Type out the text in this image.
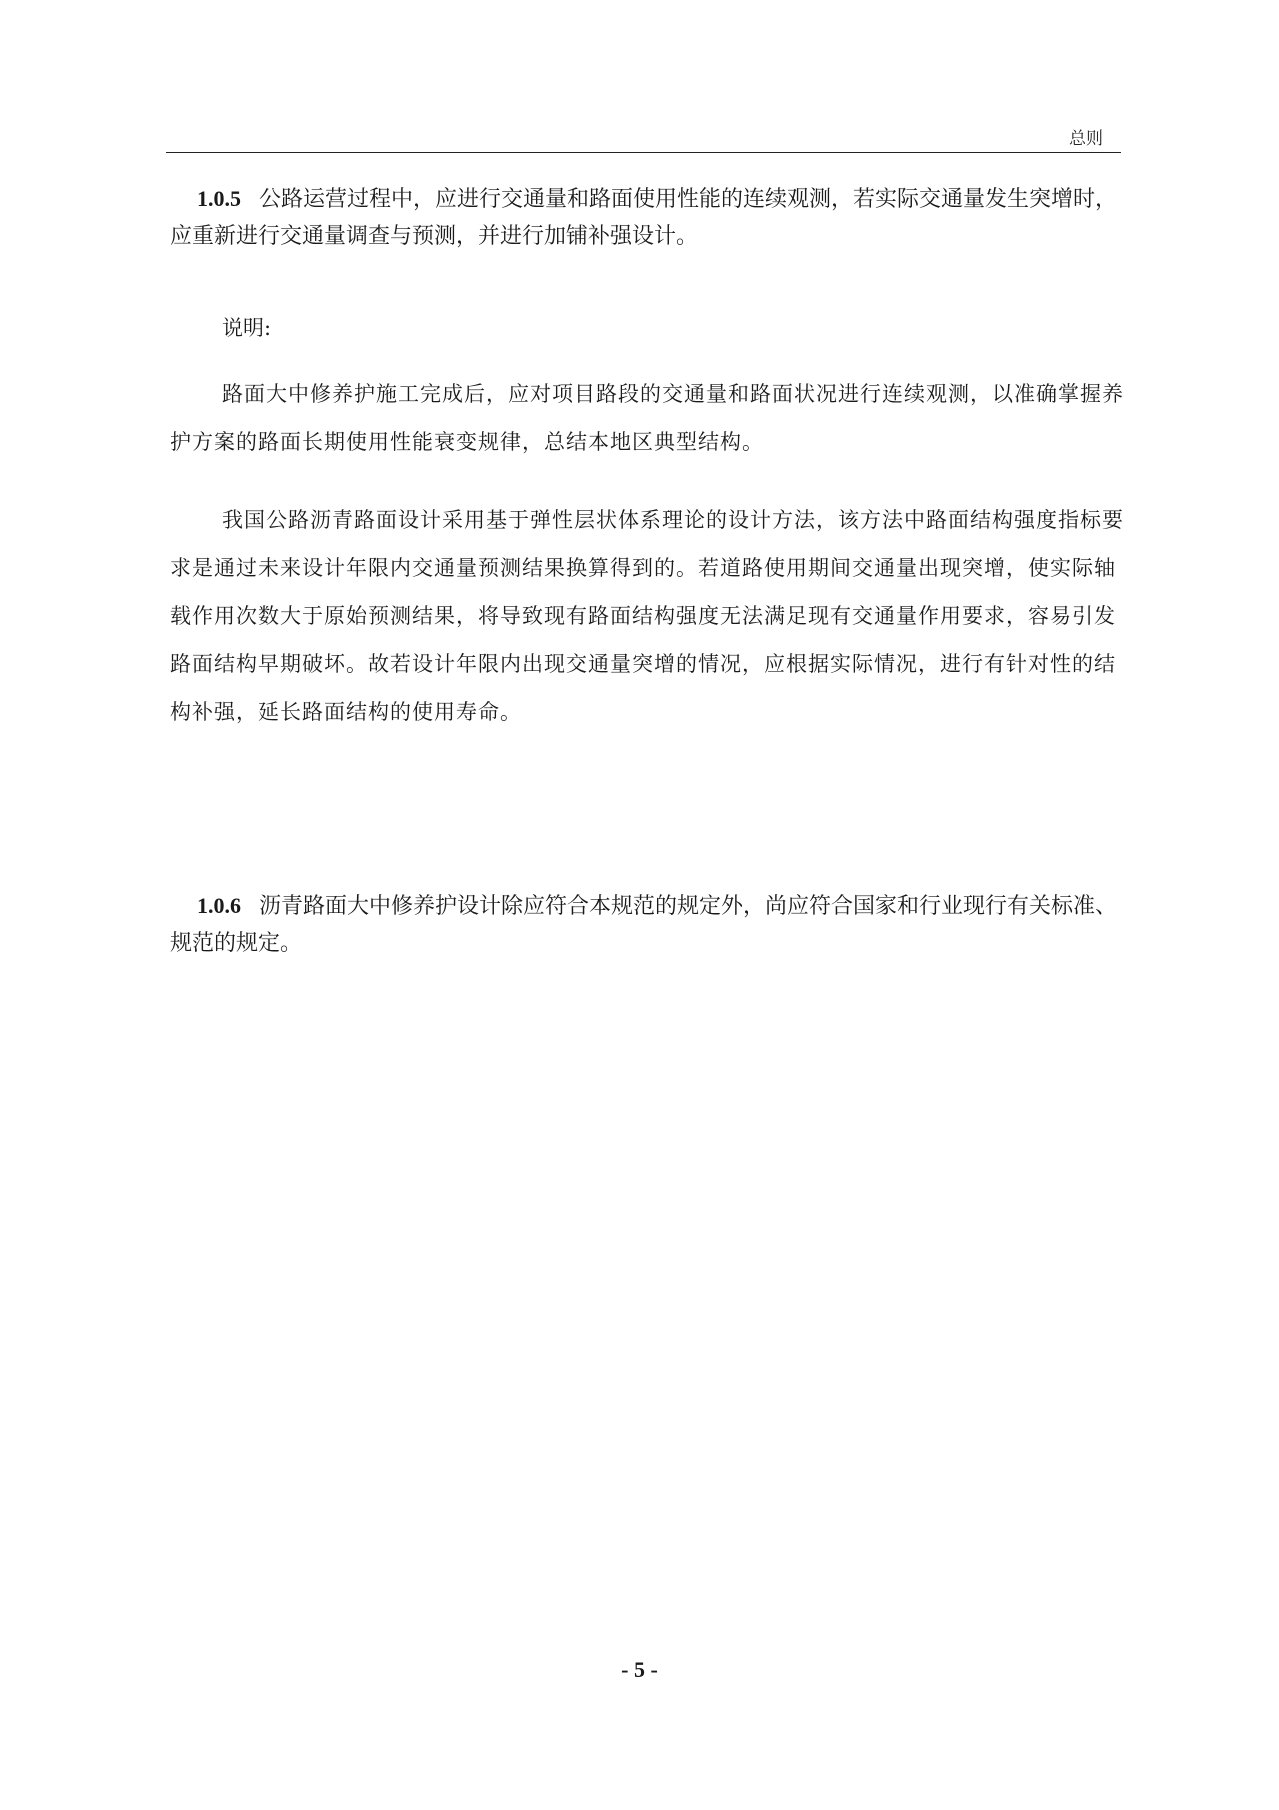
总则

1.0.5 公路运营过程中，应进行交通量和路面使用性能的连续观测，若实际交通量发生突增时，应重新进行交通量调查与预测，并进行加铺补强设计。

说明:

路面大中修养护施工完成后，应对项目路段的交通量和路面状况进行连续观测，以准确掌握养护方案的路面长期使用性能衰变规律，总结本地区典型结构。

我国公路沥青路面设计采用基于弹性层状体系理论的设计方法，该方法中路面结构强度指标要求是通过未来设计年限内交通量预测结果换算得到的。若道路使用期间交通量出现突增，使实际轴载作用次数大于原始预测结果，将导致现有路面结构强度无法满足现有交通量作用要求，容易引发路面结构早期破坏。故若设计年限内出现交通量突增的情况，应根据实际情况，进行有针对性的结构补强，延长路面结构的使用寿命。

1.0.6 沥青路面大中修养护设计除应符合本规范的规定外，尚应符合国家和行业现行有关标准、规范的规定。

- 5 -
